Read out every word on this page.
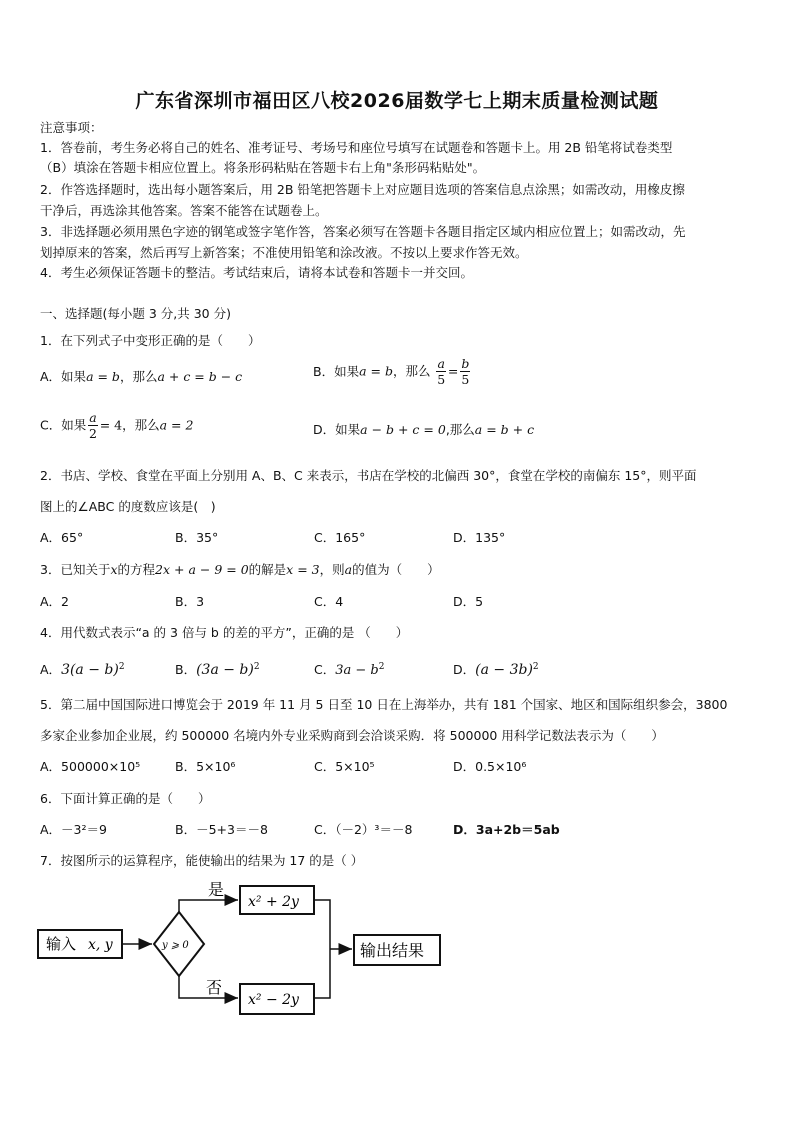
广东省深圳市福田区八校2026届数学七上期末质量检测试题
注意事项：
1．答卷前，考生务必将自己的姓名、准考证号、考场号和座位号填写在试题卷和答题卡上。用 2B 铅笔将试卷类型
（B）填涂在答题卡相应位置上。将条形码粘贴在答题卡右上角"条形码粘贴处"。
2．作答选择题时，选出每小题答案后，用 2B 铅笔把答题卡上对应题目选项的答案信息点涂黑；如需改动，用橡皮擦
干净后，再选涂其他答案。答案不能答在试题卷上。
3．非选择题必须用黑色字迹的钢笔或签字笔作答，答案必须写在答题卡各题目指定区域内相应位置上；如需改动，先
划掉原来的答案，然后再写上新答案；不准使用铅笔和涂改液。不按以上要求作答无效。
4．考生必须保证答题卡的整洁。考试结束后，请将本试卷和答题卡一并交回。
一、选择题(每小题 3 分,共 30 分)
1．在下列式子中变形正确的是（　　）
A．如果a = b，那么a + c = b − c	B．如果a = b，那么 $\frac{a}{5} = \frac{b}{5}$
C．如果 $\frac{a}{2} = 4$，那么a = 2	D．如果a − b + c = 0,那么a = b + c
2．书店、学校、食堂在平面上分别用 A、B、C 来表示，书店在学校的北偏西 30°，食堂在学校的南偏东 15°，则平面
图上的∠ABC 的度数应该是(　)
A．65°	B．35°	C．165°	D．135°
3．已知关于x的方程2x + a − 9 = 0的解是x = 3，则a的值为（　　）
A．2	B．3	C．4	D．5
4．用代数式表示“a 的 3 倍与 b 的差的平方”，正确的是 （　　）
A．$3(a - b)^2$	B．$(3a - b)^2$	C．$3a - b^2$	D．$(a - 3b)^2$
5．第二届中国国际进口博览会于 2019 年 11 月 5 日至 10 日在上海举办，共有 181 个国家、地区和国际组织参会，3800
多家企业参加企业展，约 500000 名境内外专业采购商到会洽谈采购．将 500000 用科学记数法表示为（　　）
A．500000×10⁵	B．5×10⁶	C．5×10⁵	D．0.5×10⁶
6．下面计算正确的是（　　）
A．－3²＝9	B．－5+3＝－8	C．（－2）³＝－8	D．3a+2b＝5ab
7．按图所示的运算程序，能使输出的结果为 17 的是（ ）
输入 x, y	y ⩾ 0
是
x² + 2y
否
x² − 2y
输出结果
